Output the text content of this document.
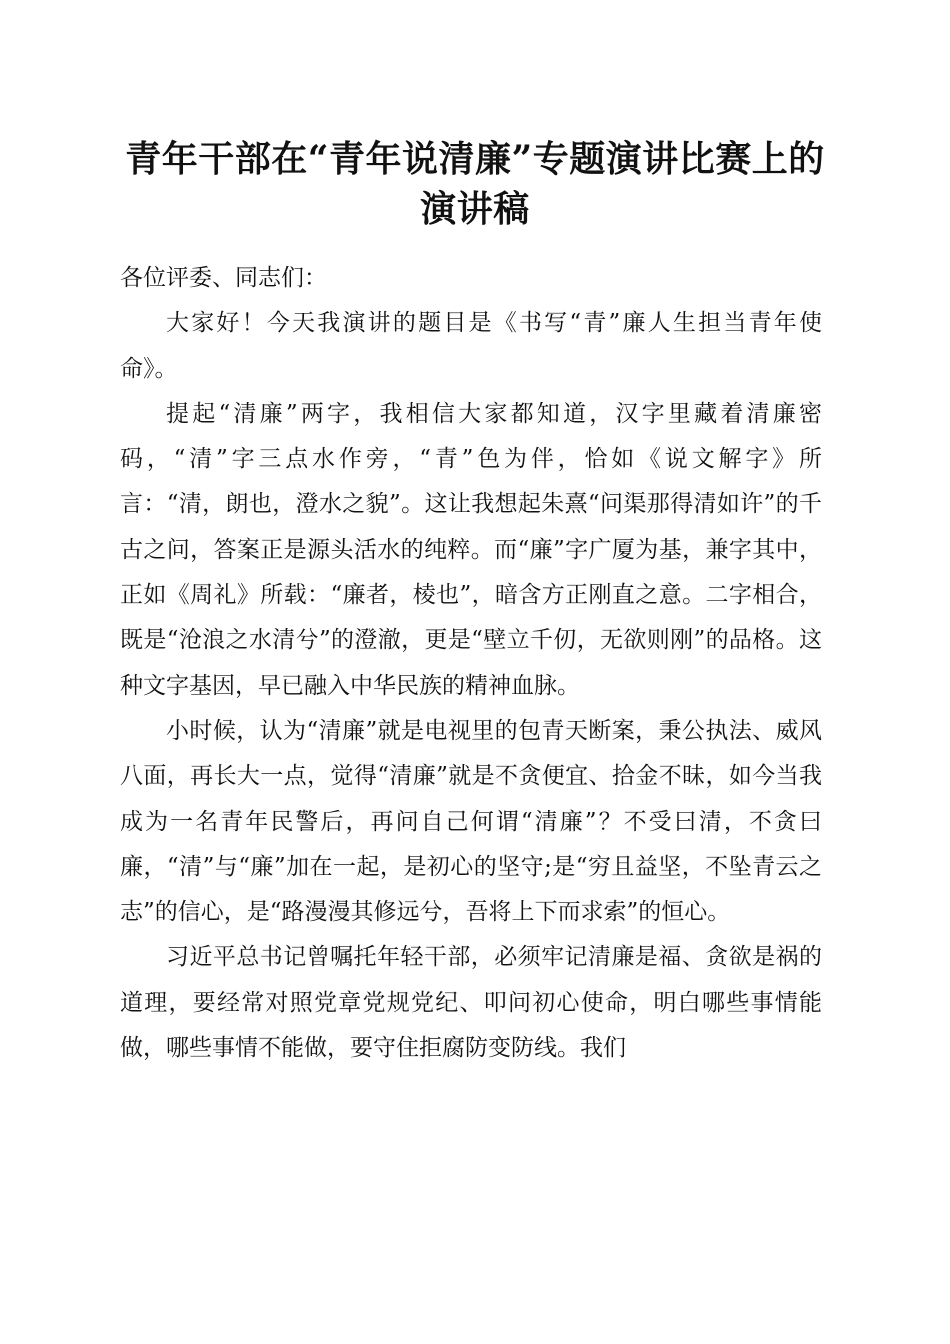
青年干部在“青年说清廉”专题演讲比赛上的
演讲稿

各位评委、同志们：

大家好！今天我演讲的题目是《书写“青”廉人生担当青年使命》。

提起“清廉”两字，我相信大家都知道，汉字里藏着清廉密码，“清”字三点水作旁，“青”色为伴，恰如《说文解字》所言：“清，朗也，澄水之貌”。这让我想起朱熹“问渠那得清如许”的千古之问，答案正是源头活水的纯粹。而“廉”字广厦为基，兼字其中，正如《周礼》所载：“廉者，棱也”，暗含方正刚直之意。二字相合，既是“沧浪之水清兮”的澄澈，更是“壁立千仞，无欲则刚”的品格。这种文字基因，早已融入中华民族的精神血脉。

小时候，认为“清廉”就是电视里的包青天断案，秉公执法、威风八面，再长大一点，觉得“清廉”就是不贪便宜、拾金不昧，如今当我成为一名青年民警后，再问自己何谓“清廉”？不受曰清，不贪曰廉，“清”与“廉”加在一起，是初心的坚守;是“穷且益坚，不坠青云之志”的信心，是“路漫漫其修远兮，吾将上下而求索”的恒心。

习近平总书记曾嘱托年轻干部，必须牢记清廉是福、贪欲是祸的道理，要经常对照党章党规党纪、叩问初心使命，明白哪些事情能做，哪些事情不能做，要守住拒腐防变防线。我们
